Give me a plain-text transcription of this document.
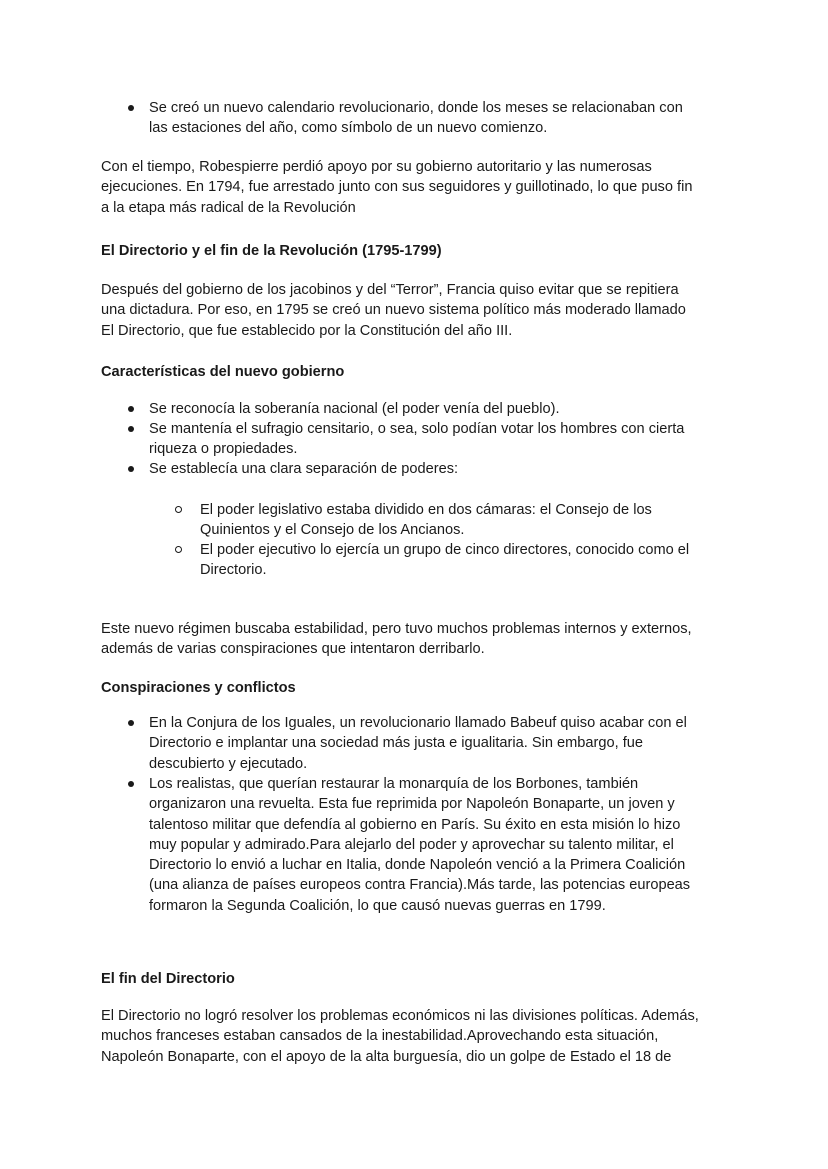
Se creó un nuevo calendario revolucionario, donde los meses se relacionaban con
las estaciones del año, como símbolo de un nuevo comienzo.
Con el tiempo, Robespierre perdió apoyo por su gobierno autoritario y las numerosas
ejecuciones. En 1794, fue arrestado junto con sus seguidores y guillotinado, lo que puso fin
a la etapa más radical de la Revolución
El Directorio y el fin de la Revolución (1795-1799)
Después del gobierno de los jacobinos y del “Terror”, Francia quiso evitar que se repitiera
una dictadura. Por eso, en 1795 se creó un nuevo sistema político más moderado llamado
El Directorio, que fue establecido por la Constitución del año III.
Características del nuevo gobierno
Se reconocía la soberanía nacional (el poder venía del pueblo).
Se mantenía el sufragio censitario, o sea, solo podían votar los hombres con cierta
riqueza o propiedades.
Se establecía una clara separación de poderes:
El poder legislativo estaba dividido en dos cámaras: el Consejo de los
Quinientos y el Consejo de los Ancianos.
El poder ejecutivo lo ejercía un grupo de cinco directores, conocido como el
Directorio.
Este nuevo régimen buscaba estabilidad, pero tuvo muchos problemas internos y externos,
además de varias conspiraciones que intentaron derribarlo.
Conspiraciones y conflictos
En la Conjura de los Iguales, un revolucionario llamado Babeuf quiso acabar con el
Directorio e implantar una sociedad más justa e igualitaria. Sin embargo, fue
descubierto y ejecutado.
Los realistas, que querían restaurar la monarquía de los Borbones, también
organizaron una revuelta. Esta fue reprimida por Napoleón Bonaparte, un joven y
talentoso militar que defendía al gobierno en París. Su éxito en esta misión lo hizo
muy popular y admirado.Para alejarlo del poder y aprovechar su talento militar, el
Directorio lo envió a luchar en Italia, donde Napoleón venció a la Primera Coalición
(una alianza de países europeos contra Francia).Más tarde, las potencias europeas
formaron la Segunda Coalición, lo que causó nuevas guerras en 1799.
El fin del Directorio
El Directorio no logró resolver los problemas económicos ni las divisiones políticas. Además,
muchos franceses estaban cansados de la inestabilidad.Aprovechando esta situación,
Napoleón Bonaparte, con el apoyo de la alta burguesía, dio un golpe de Estado el 18 de
